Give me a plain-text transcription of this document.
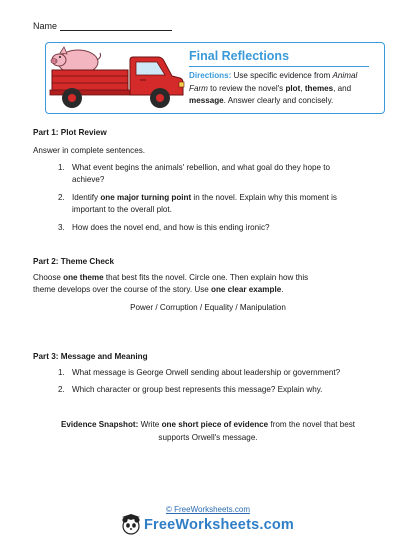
Name
Final Reflections
Directions: Use specific evidence from Animal Farm to review the novel's plot, themes, and message. Answer clearly and concisely.
Part 1: Plot Review
Answer in complete sentences.
1. What event begins the animals' rebellion, and what goal do they hope to
achieve?
2. Identify one major turning point in the novel. Explain why this moment is
important to the overall plot.
3. How does the novel end, and how is this ending ironic?
Part 2: Theme Check
Choose one theme that best fits the novel. Circle one. Then explain how this
theme develops over the course of the story. Use one clear example.
Power / Corruption / Equality / Manipulation
Part 3: Message and Meaning
1. What message is George Orwell sending about leadership or government?
2. Which character or group best represents this message? Explain why.
Evidence Snapshot: Write one short piece of evidence from the novel that best
supports Orwell's message.
© FreeWorksheets.com
FreeWorksheets.com
